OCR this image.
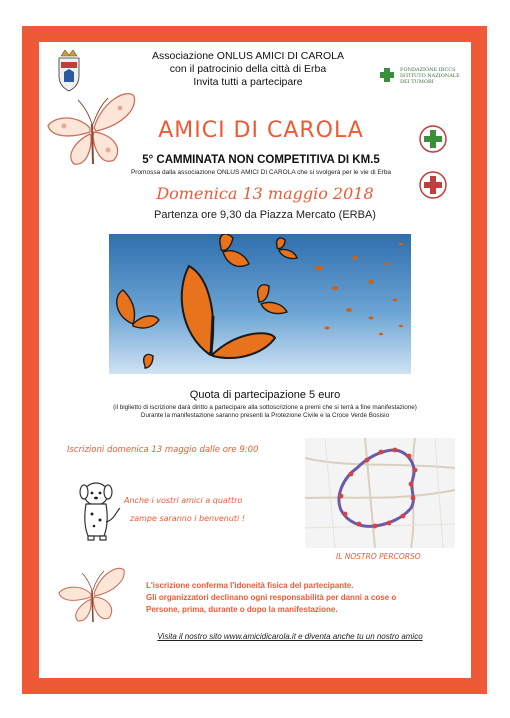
Associazione ONLUS AMICI DI CAROLA
con il patrocinio della città di Erba
Invita tutti a partecipare
FONDAZIONE IRCCS
ISTITUTO NAZIONALE
DEI TUMORI
AMICI DI CAROLA
5° CAMMINATA NON COMPETITIVA DI KM.5
Promossa dalla associazione ONLUS AMICI DI CAROLA che si svolgerà per le vie di Erba
Domenica 13 maggio 2018
Partenza ore 9,30 da Piazza Mercato (ERBA)
Quota di partecipazione 5 euro
(il biglietto di iscrizione darà diritto a partecipare alla sottoscrizione a premi che si terrà a fine manifestazione)
Durante la manifestazione saranno presenti la Protezione Civile e la Croce Verde Bosisio
Iscrizioni domenica 13 maggio dalle ore 9:00
Anche i vostri amici a quattro
zampe saranno i benvenuti !
IL NOSTRO PERCORSO
L'iscrizione conferma l'idoneità fisica del partecipante.
Gli organizzatori declinano ogni responsabilità per danni a cose o
Persone, prima, durante o dopo la manifestazione.
Visita il nostro sito www.amicidicarola.it e diventa anche tu un nostro amico
